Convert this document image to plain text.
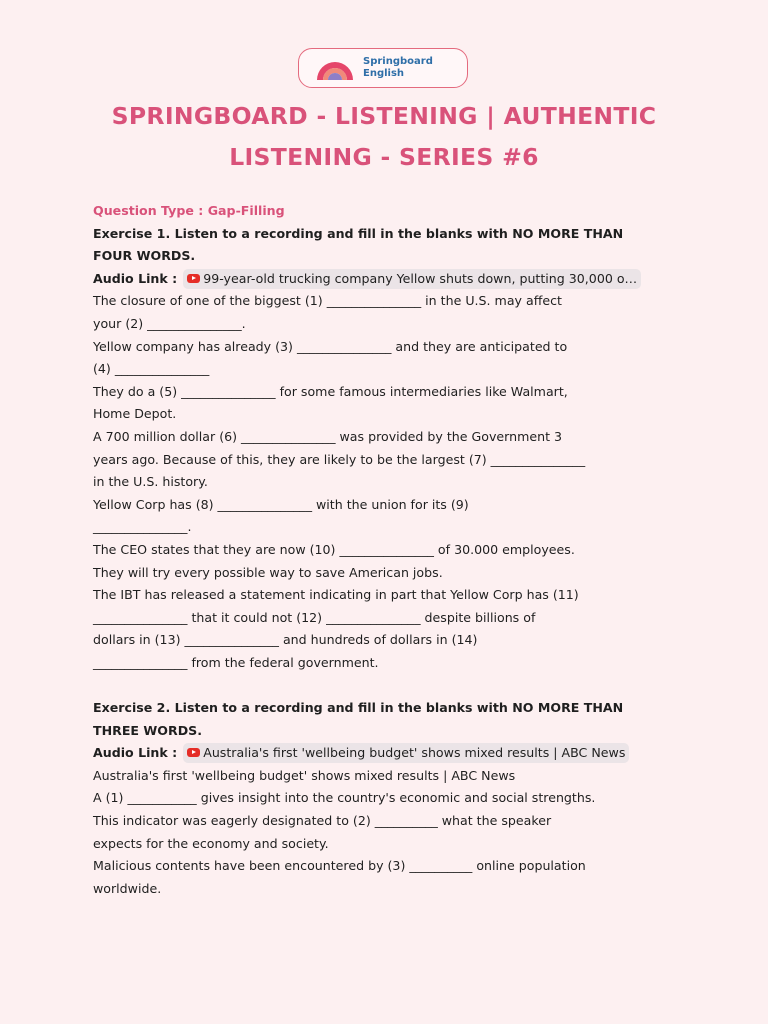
Springboard
English
SPRINGBOARD - LISTENING | AUTHENTIC
LISTENING - SERIES #6

Question Type : Gap-Filling

Exercise 1. Listen to a recording and fill in the blanks with NO MORE THAN

FOUR WORDS.

Audio Link : 99-year-old trucking company Yellow shuts down, putting 30,000 o…

The closure of one of the biggest (1) _______________ in the U.S. may affect

your (2) _______________.

Yellow company has already (3) _______________ and they are anticipated to

(4) _______________

They do a (5) _______________ for some famous intermediaries like Walmart,

Home Depot.

A 700 million dollar (6) _______________ was provided by the Government 3

years ago. Because of this, they are likely to be the largest (7) _______________

in the U.S. history.

Yellow Corp has (8) _______________ with the union for its (9)

_______________.

The CEO states that they are now (10) _______________ of 30.000 employees.

They will try every possible way to save American jobs.

The IBT has released a statement indicating in part that Yellow Corp has (11)

_______________ that it could not (12) _______________ despite billions of

dollars in (13) _______________ and hundreds of dollars in (14)

_______________ from the federal government.

Exercise 2. Listen to a recording and fill in the blanks with NO MORE THAN

THREE WORDS.

Audio Link : Australia's first 'wellbeing budget' shows mixed results | ABC News

Australia's first 'wellbeing budget' shows mixed results | ABC News

A (1) ___________ gives insight into the country's economic and social strengths.

This indicator was eagerly designated to (2) __________ what the speaker

expects for the economy and society.

Malicious contents have been encountered by (3) __________ online population

worldwide.
